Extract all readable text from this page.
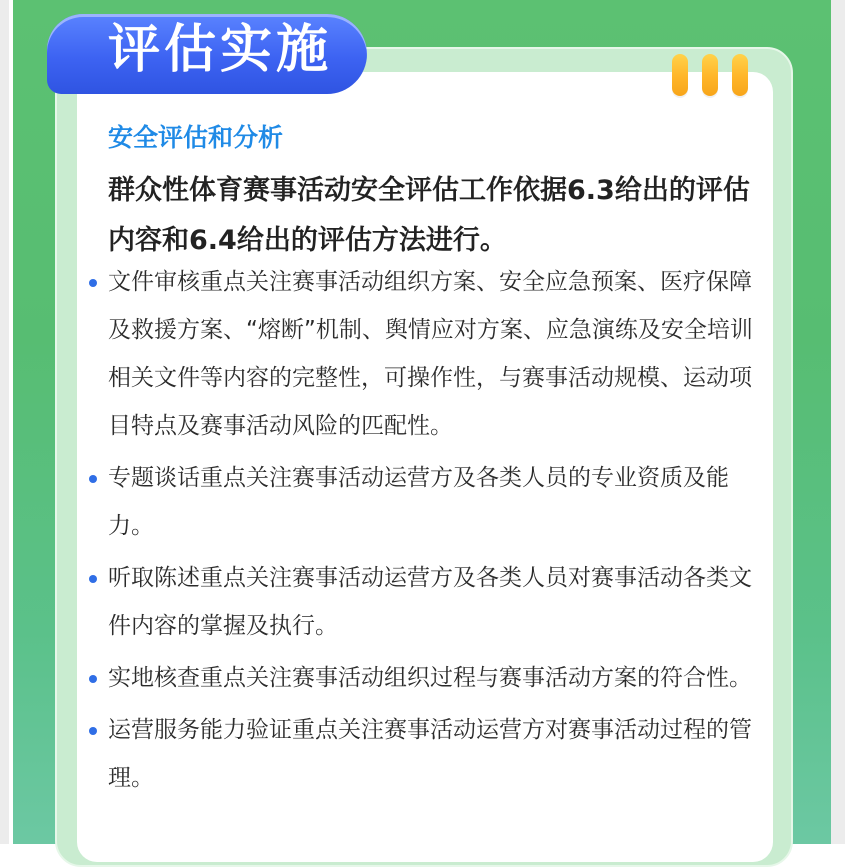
评估实施
安全评估和分析
群众性体育赛事活动安全评估工作依据6.3给出的评估内容和6.4给出的评估方法进行。
文件审核重点关注赛事活动组织方案、安全应急预案、医疗保障及救援方案、“熔断”机制、舆情应对方案、应急演练及安全培训相关文件等内容的完整性，可操作性，与赛事活动规模、运动项目特点及赛事活动风险的匹配性。
专题谈话重点关注赛事活动运营方及各类人员的专业资质及能力。
听取陈述重点关注赛事活动运营方及各类人员对赛事活动各类文件内容的掌握及执行。
实地核查重点关注赛事活动组织过程与赛事活动方案的符合性。
运营服务能力验证重点关注赛事活动运营方对赛事活动过程的管理。
